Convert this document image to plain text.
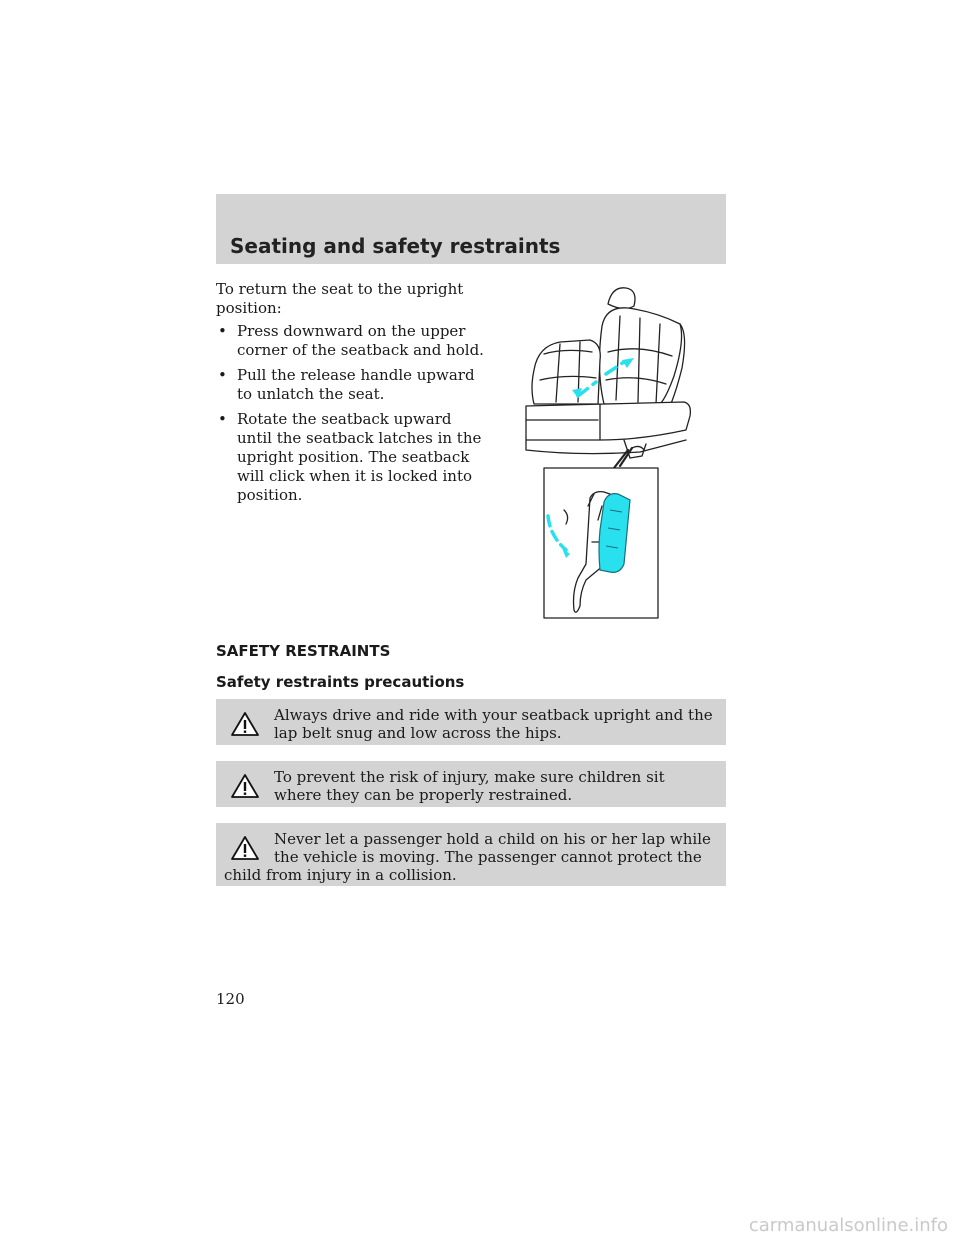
Seating and safety restraints

To return the seat to the upright position:

• Press downward on the upper corner of the seatback and hold.
• Pull the release handle upward to unlatch the seat.
• Rotate the seatback upward until the seatback latches in the upright position. The seatback will click when it is locked into position.
SAFETY RESTRAINTS
Safety restraints precautions
Always drive and ride with your seatback upright and the lap belt snug and low across the hips.
To prevent the risk of injury, make sure children sit where they can be properly restrained.
Never let a passenger hold a child on his or her lap while the vehicle is moving. The passenger cannot protect the child from injury in a collision.
120
carmanualsonline.info
